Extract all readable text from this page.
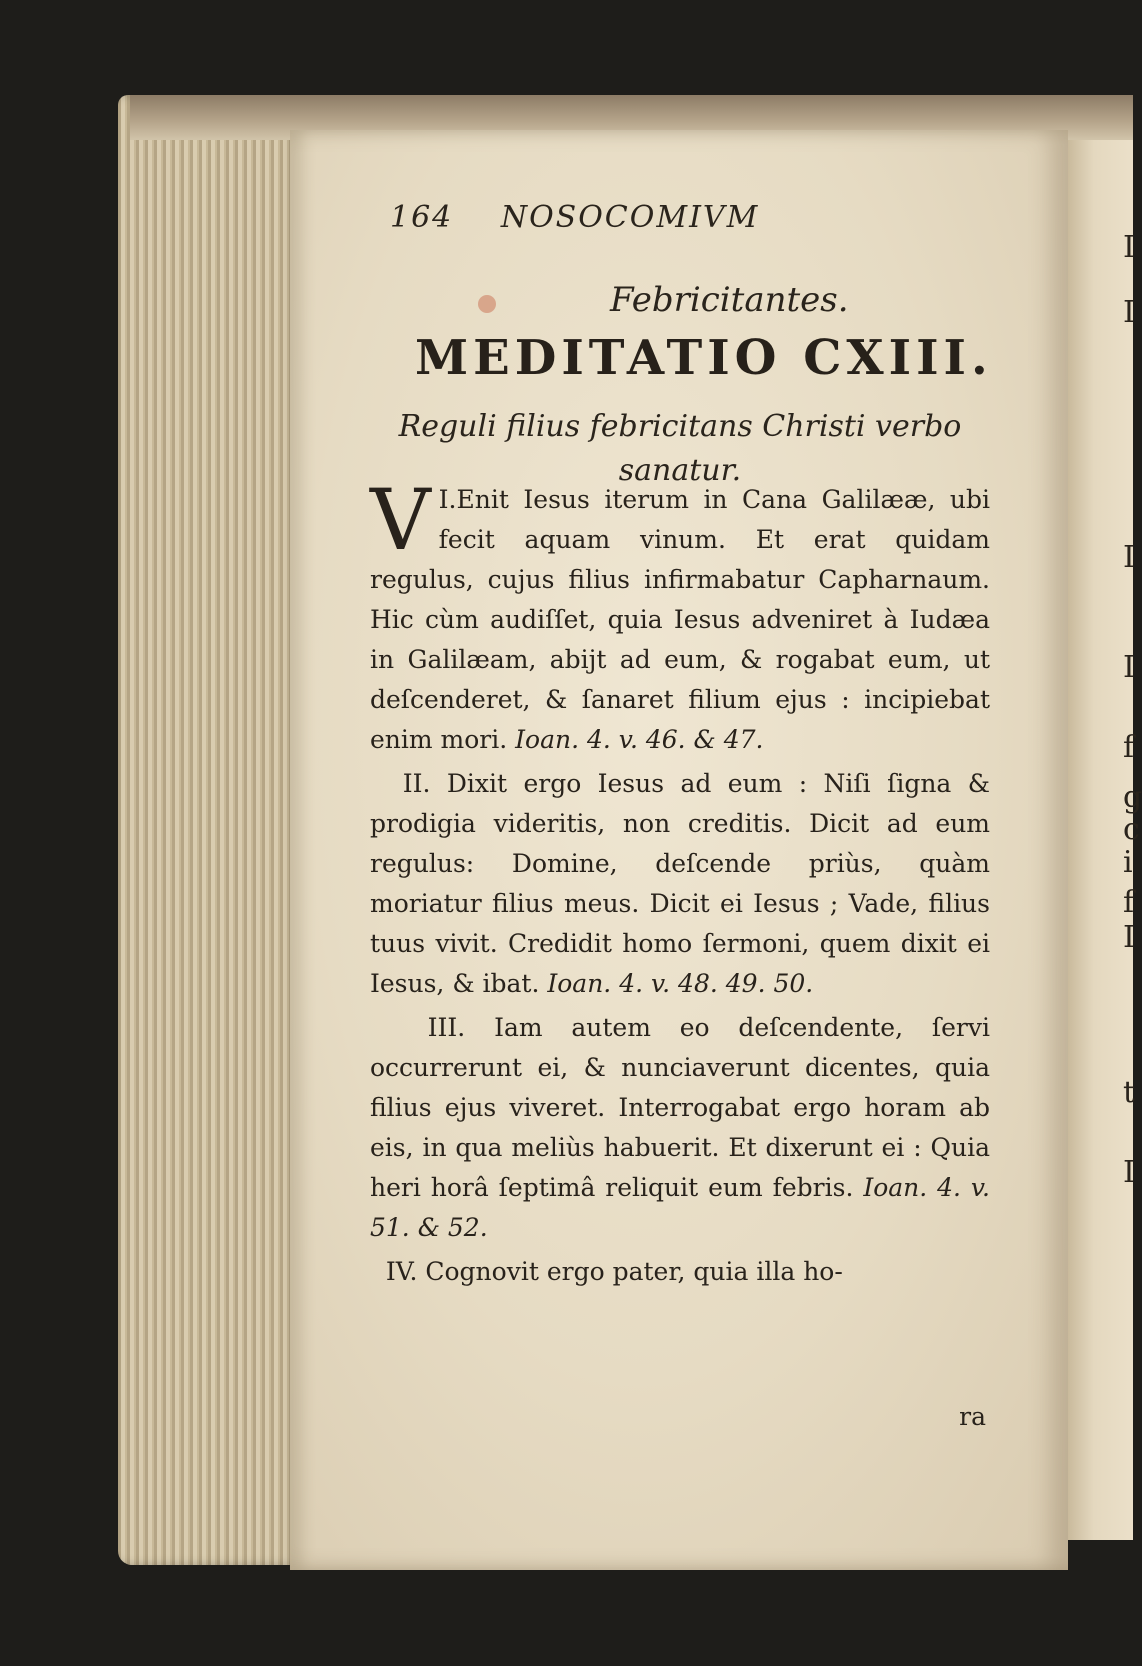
I
I
I
I
f
g
c
i
f
I
t
I
164 NOSOCOMIVM
Febricitantes.
MEDITATIO CXIII.
Reguli filius febricitans Christi verbo sanatur.

I.
V Enit Iesus iterum in Cana Galilææ, ubi fecit aquam vinum. Et erat quidam regulus, cujus filius infirmabatur Capharnaum. Hic cùm audiſſet, quia Iesus adveniret à Iudæa in Galilæam, abijt ad eum, & rogabat eum, ut deſcenderet, & ſanaret filium ejus : incipiebat enim mori. Ioan. 4. v. 46. & 47.

II. Dixit ergo Iesus ad eum : Niſi ſigna & prodigia videritis, non creditis. Dicit ad eum regulus: Domine, deſcende priùs, quàm moriatur filius meus. Dicit ei Iesus ; Vade, filius tuus vivit. Credidit homo ſermoni, quem dixit ei Iesus, & ibat. Ioan. 4. v. 48. 49. 50.

III. Iam autem eo deſcendente, ſervi occurrerunt ei, & nunciaverunt dicentes, quia filius ejus viveret. Interrogabat ergo horam ab eis, in qua meliùs habuerit. Et dixerunt ei : Quia heri horâ ſeptimâ reliquit eum febris. Ioan. 4. v. 51. & 52.

IV. Cognovit ergo pater, quia illa ho-

ra
